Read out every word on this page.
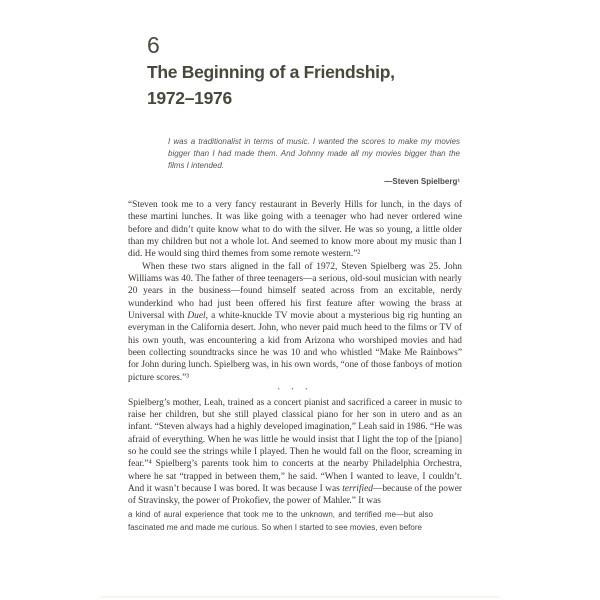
6
The Beginning of a Friendship,
1972–1976
I was a traditionalist in terms of music. I wanted the scores to make my movies bigger than I had made them. And Johnny made all my movies bigger than the films I intended.
—Steven Spielberg¹

“Steven took me to a very fancy restaurant in Beverly Hills for lunch, in the days of these martini lunches. It was like going with a teenager who had never ordered wine before and didn’t quite know what to do with the silver. He was so young, a little older than my children but not a whole lot. And seemed to know more about my music than I did. He would sing third themes from some remote western.”²

When these two stars aligned in the fall of 1972, Steven Spielberg was 25. John Williams was 40. The father of three teenagers—a serious, old-soul musician with nearly 20 years in the business—found himself seated across from an excitable, nerdy wunderkind who had just been offered his first feature after wowing the brass at Universal with Duel, a white-knuckle TV movie about a mysterious big rig hunting an everyman in the California desert. John, who never paid much heed to the films or TV of his own youth, was encountering a kid from Arizona who worshiped movies and had been collecting soundtracks since he was 10 and who whistled “Make Me Rainbows” for John during lunch. Spielberg was, in his own words, “one of those fanboys of motion picture scores.”³

• • •

Spielberg’s mother, Leah, trained as a concert pianist and sacrificed a career in music to raise her children, but she still played classical piano for her son in utero and as an infant. “Steven always had a highly developed imagination,” Leah said in 1986. “He was afraid of everything. When he was little he would insist that I light the top of the [piano] so he could see the strings while I played. Then he would fall on the floor, screaming in fear.”⁴ Spielberg’s parents took him to concerts at the nearby Philadelphia Orchestra, where he sat “trapped in between them,” he said. “When I wanted to leave, I couldn’t. And it wasn’t because I was bored. It was because I was terrified—because of the power of Stravinsky, the power of Prokofiev, the power of Mahler.” It was

a kind of aural experience that took me to the unknown, and terrified me—but also fascinated me and made me curious. So when I started to see movies, even before
